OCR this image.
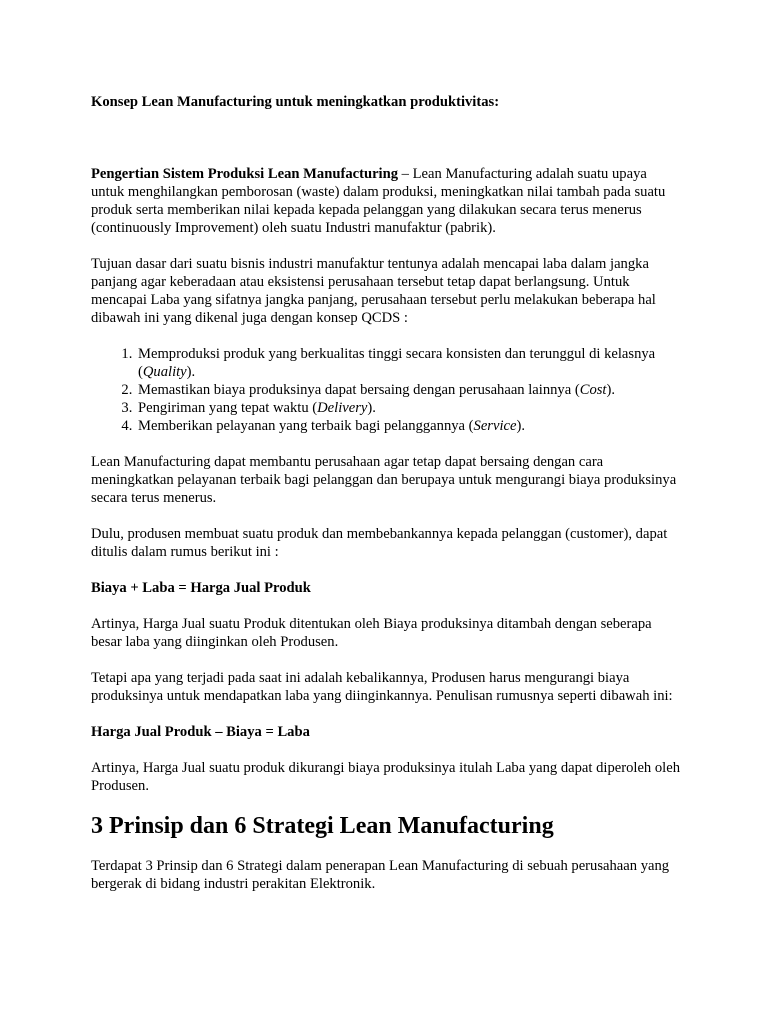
Konsep Lean Manufacturing untuk meningkatkan produktivitas:

Pengertian Sistem Produksi Lean Manufacturing – Lean Manufacturing adalah suatu upaya untuk menghilangkan pemborosan (waste) dalam produksi, meningkatkan nilai tambah pada suatu produk serta memberikan nilai kepada kepada pelanggan yang dilakukan secara terus menerus (continuously Improvement) oleh suatu Industri manufaktur (pabrik).

Tujuan dasar dari suatu bisnis industri manufaktur tentunya adalah mencapai laba dalam jangka panjang agar keberadaan atau eksistensi perusahaan tersebut tetap dapat berlangsung. Untuk mencapai Laba yang sifatnya jangka panjang, perusahaan tersebut perlu melakukan beberapa hal dibawah ini yang dikenal juga dengan konsep QCDS :

1. Memproduksi produk yang berkualitas tinggi secara konsisten dan terunggul di kelasnya (Quality).
2. Memastikan biaya produksinya dapat bersaing dengan perusahaan lainnya (Cost).
3. Pengiriman yang tepat waktu (Delivery).
4. Memberikan pelayanan yang terbaik bagi pelanggannya (Service).

Lean Manufacturing dapat membantu perusahaan agar tetap dapat bersaing dengan cara meningkatkan pelayanan terbaik bagi pelanggan dan berupaya untuk mengurangi biaya produksinya secara terus menerus.

Dulu, produsen membuat suatu produk dan membebankannya kepada pelanggan (customer), dapat ditulis dalam rumus berikut ini :

Biaya + Laba = Harga Jual Produk

Artinya, Harga Jual suatu Produk ditentukan oleh Biaya produksinya ditambah dengan seberapa besar laba yang diinginkan oleh Produsen.

Tetapi apa yang terjadi pada saat ini adalah kebalikannya, Produsen harus mengurangi biaya produksinya untuk mendapatkan laba yang diinginkannya. Penulisan rumusnya seperti dibawah ini:

Harga Jual Produk – Biaya = Laba

Artinya, Harga Jual suatu produk dikurangi biaya produksinya itulah Laba yang dapat diperoleh oleh Produsen.

3 Prinsip dan 6 Strategi Lean Manufacturing

Terdapat 3 Prinsip dan 6 Strategi dalam penerapan Lean Manufacturing di sebuah perusahaan yang bergerak di bidang industri perakitan Elektronik.
